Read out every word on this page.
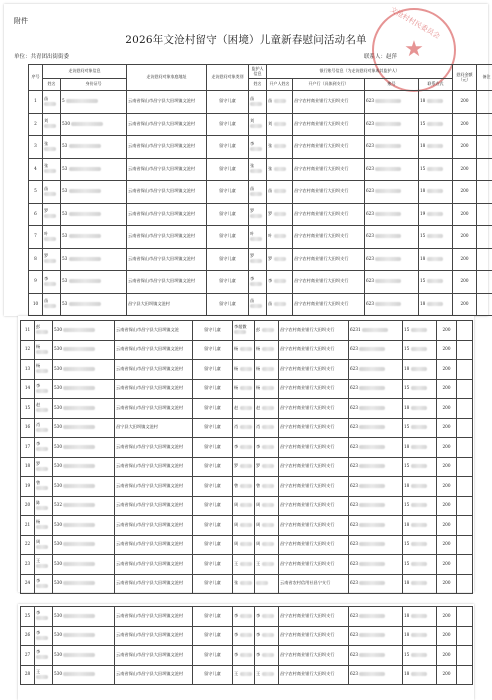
附件
2026年文沧村留守（困境）儿童新春慰问活动名单
单位：共青团出街街委	联系人：赵萍
文沧村村民委员会
★
序号	走访慰问对象信息		走访慰问对象家庭地址	走访慰问对象类别	监护人信息	银行账号信息（为走访慰问对象或其监护人）				慰问金额（元）	备注
	姓名	身份证号			姓名	开户人姓名	开户行（具体到支行）	账号	联系方式		
1	苗	5	云南省保山市昌宁县大田坝镇文沧村	留守儿童	苗	苗	昌宁农村商业银行大田坝支行	623	18	200	
2	刘	530	云南省保山市昌宁县大田坝镇文沧村	留守儿童	刘	刘	昌宁农村商业银行大田坝支行	623	15	200	
3	张	53	云南省保山市昌宁县大田坝镇文沧村	留守儿童	李	张	昌宁农村商业银行大田坝支行	623	18	200	
4	张	53	云南省保山市昌宁县大田坝镇文沧村	留守儿童	张	张	昌宁农村商业银行大田坝支行	623	15	200	
5	苗	53	云南省保山市昌宁县大田坝镇文沧村	留守儿童	苗	苗	昌宁农村商业银行大田坝支行	623	18	200	
6	罗	53	云南省保山市昌宁县大田坝镇文沧村	留守儿童	罗	罗	昌宁农村商业银行大田坝支行	623	19	200	
7	叶	53	云南省保山市昌宁县大田坝镇文沧村	留守儿童	叶	叶	昌宁农村商业银行大田坝支行	623	15	200	
8	罗	53	云南省保山市昌宁县大田坝镇文沧村	留守儿童	罗	罗	昌宁农村商业银行大田坝支行	623	18	200	
9	李	53	云南省保山市昌宁县大田坝镇文沧村	留守儿童	李	李	昌宁农村商业银行大田坝支行	623	15	200	
10	苗	53	昌宁县大田坝镇文沧村	留守儿童	苗	苗	昌宁农村商业银行大田坝支行	623	18	200	
11	彭	530	云南省保山市昌宁县大田坝镇文沧	留守儿童	李超微	彭	昌宁农村商业银行大田坝支行	6231	15	200	
12	杨	530	云南省保山市昌宁县大田坝镇文沧村	留守儿童	杨	杨	昌宁农村商业银行大田坝支行	623	15	200	
13	杨	530	云南省保山市昌宁县大田坝镇文沧村	留守儿童	杨	杨	昌宁农村商业银行大田坝支行	623	18	200	
14	李	530	云南省保山市昌宁县大田坝镇文沧村	留守儿童	杨	杨	昌宁农村商业银行大田坝支行	623	15	200	
15	赵	530	云南省保山市昌宁县大田坝镇文沧村	留守儿童	赵	赵	昌宁农村商业银行大田坝支行	623	18	200	
16	肖	530	昌宁县大田坝镇文沧村	留守儿童	肖	肖	昌宁农村商业银行大田坝支行	623	15	200	
17	李	530	云南省保山市昌宁县大田坝镇文沧村	留守儿童	李	李	昌宁农村商业银行大田坝支行	623	18	200	
18	罗	530	云南省保山市昌宁县大田坝镇文沧村	留守儿童	罗	罗	昌宁农村商业银行大田坝支行	623	15	200	
19	曾	530	云南省保山市昌宁县大田坝镇文沧村	留守儿童	曾	曾	昌宁农村商业银行大田坝支行	623	18	200	
20	陈	532	云南省保山市昌宁县大田坝镇文沧村	留守儿童	周	周	昌宁农村商业银行大田坝支行	623	15	200	
21	杨	530	云南省保山市昌宁县大田坝镇文沧村	留守儿童	周	周	昌宁农村商业银行大田坝支行	623	18	200	
22	周	530	云南省保山市昌宁县大田坝镇文沧村	留守儿童	周	周	昌宁农村商业银行大田坝支行	623	15	200	
23	王	530	云南省保山市昌宁县大田坝镇文沧村	留守儿童	王	王	昌宁农村商业银行大田坝支行	623	15	200	
24	李	530	云南省保山市昌宁县大田坝镇文沧村	留守儿童	张		云南省农村信用社昌宁支行	623	18	200	
25	李	530	云南省保山市昌宁县大田坝镇文沧村	留守儿童	李	李	昌宁农村商业银行大田坝支行	623	18	200	
26	李	530	云南省保山市昌宁县大田坝镇文沧村	留守儿童	李	李	昌宁农村商业银行大田坝支行	623	18	200	
27	李	530	云南省保山市昌宁县大田坝镇文沧村	留守儿童	李	李	昌宁农村商业银行大田坝支行	623	15	200	
28	王	530	云南省保山市昌宁县大田坝镇文沧村	留守儿童	王	王	昌宁农村商业银行大田坝支行	623	18	200	
